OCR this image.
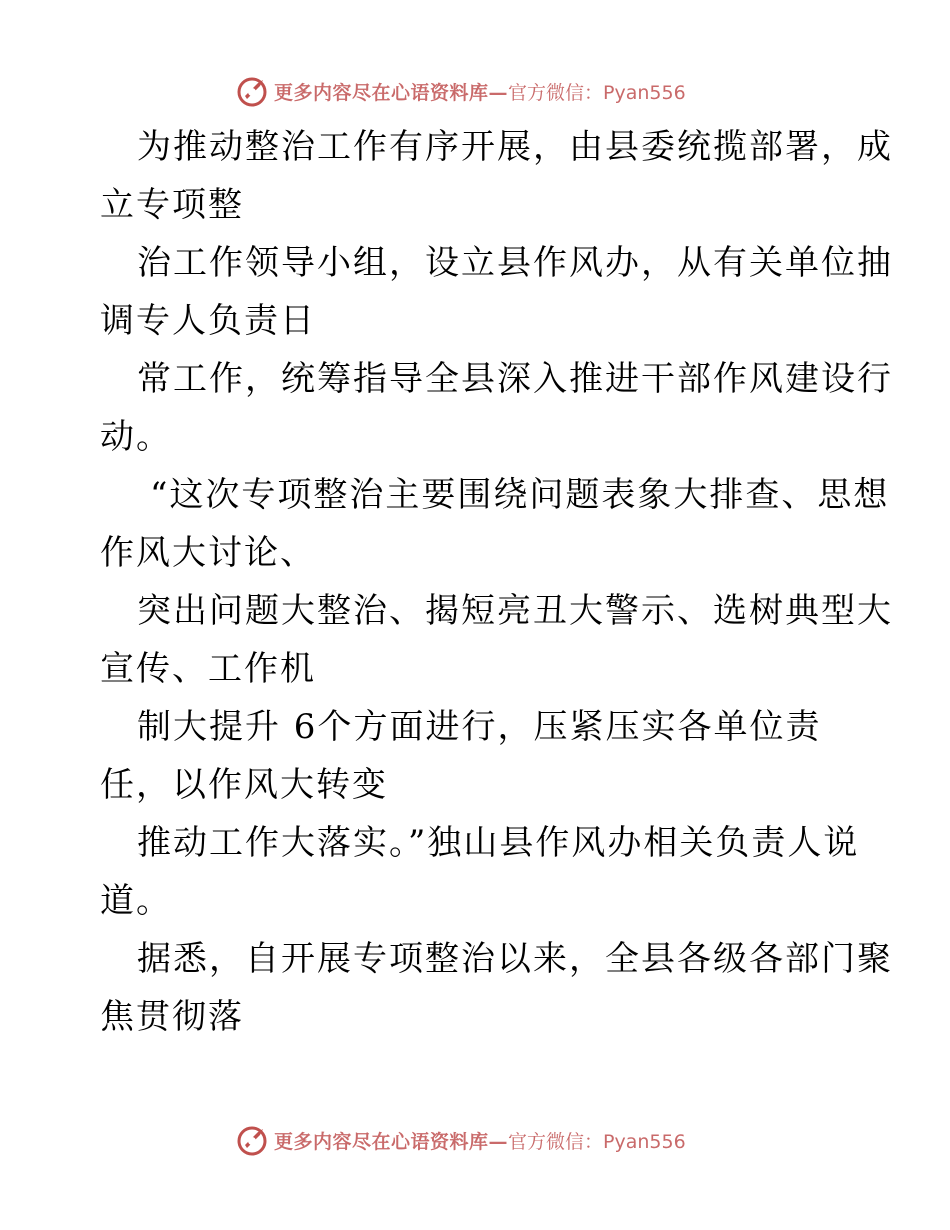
更多内容尽在心语资料库— 官方微信：Pyan556
为推动整治工作有序开展，由县委统揽部署，成
立专项整
治工作领导小组，设立县作风办，从有关单位抽
调专人负责日
常工作，统筹指导全县深入推进干部作风建设行
动。
“这次专项整治主要围绕问题表象大排查、思想
作风大讨论、
突出问题大整治、揭短亮丑大警示、选树典型大
宣传、工作机
制大提升 6个方面进行，压紧压实各单位责
任，以作风大转变
推动工作大落实。”独山县作风办相关负责人说
道。
据悉，自开展专项整治以来，全县各级各部门聚
焦贯彻落
更多内容尽在心语资料库— 官方微信：Pyan556
